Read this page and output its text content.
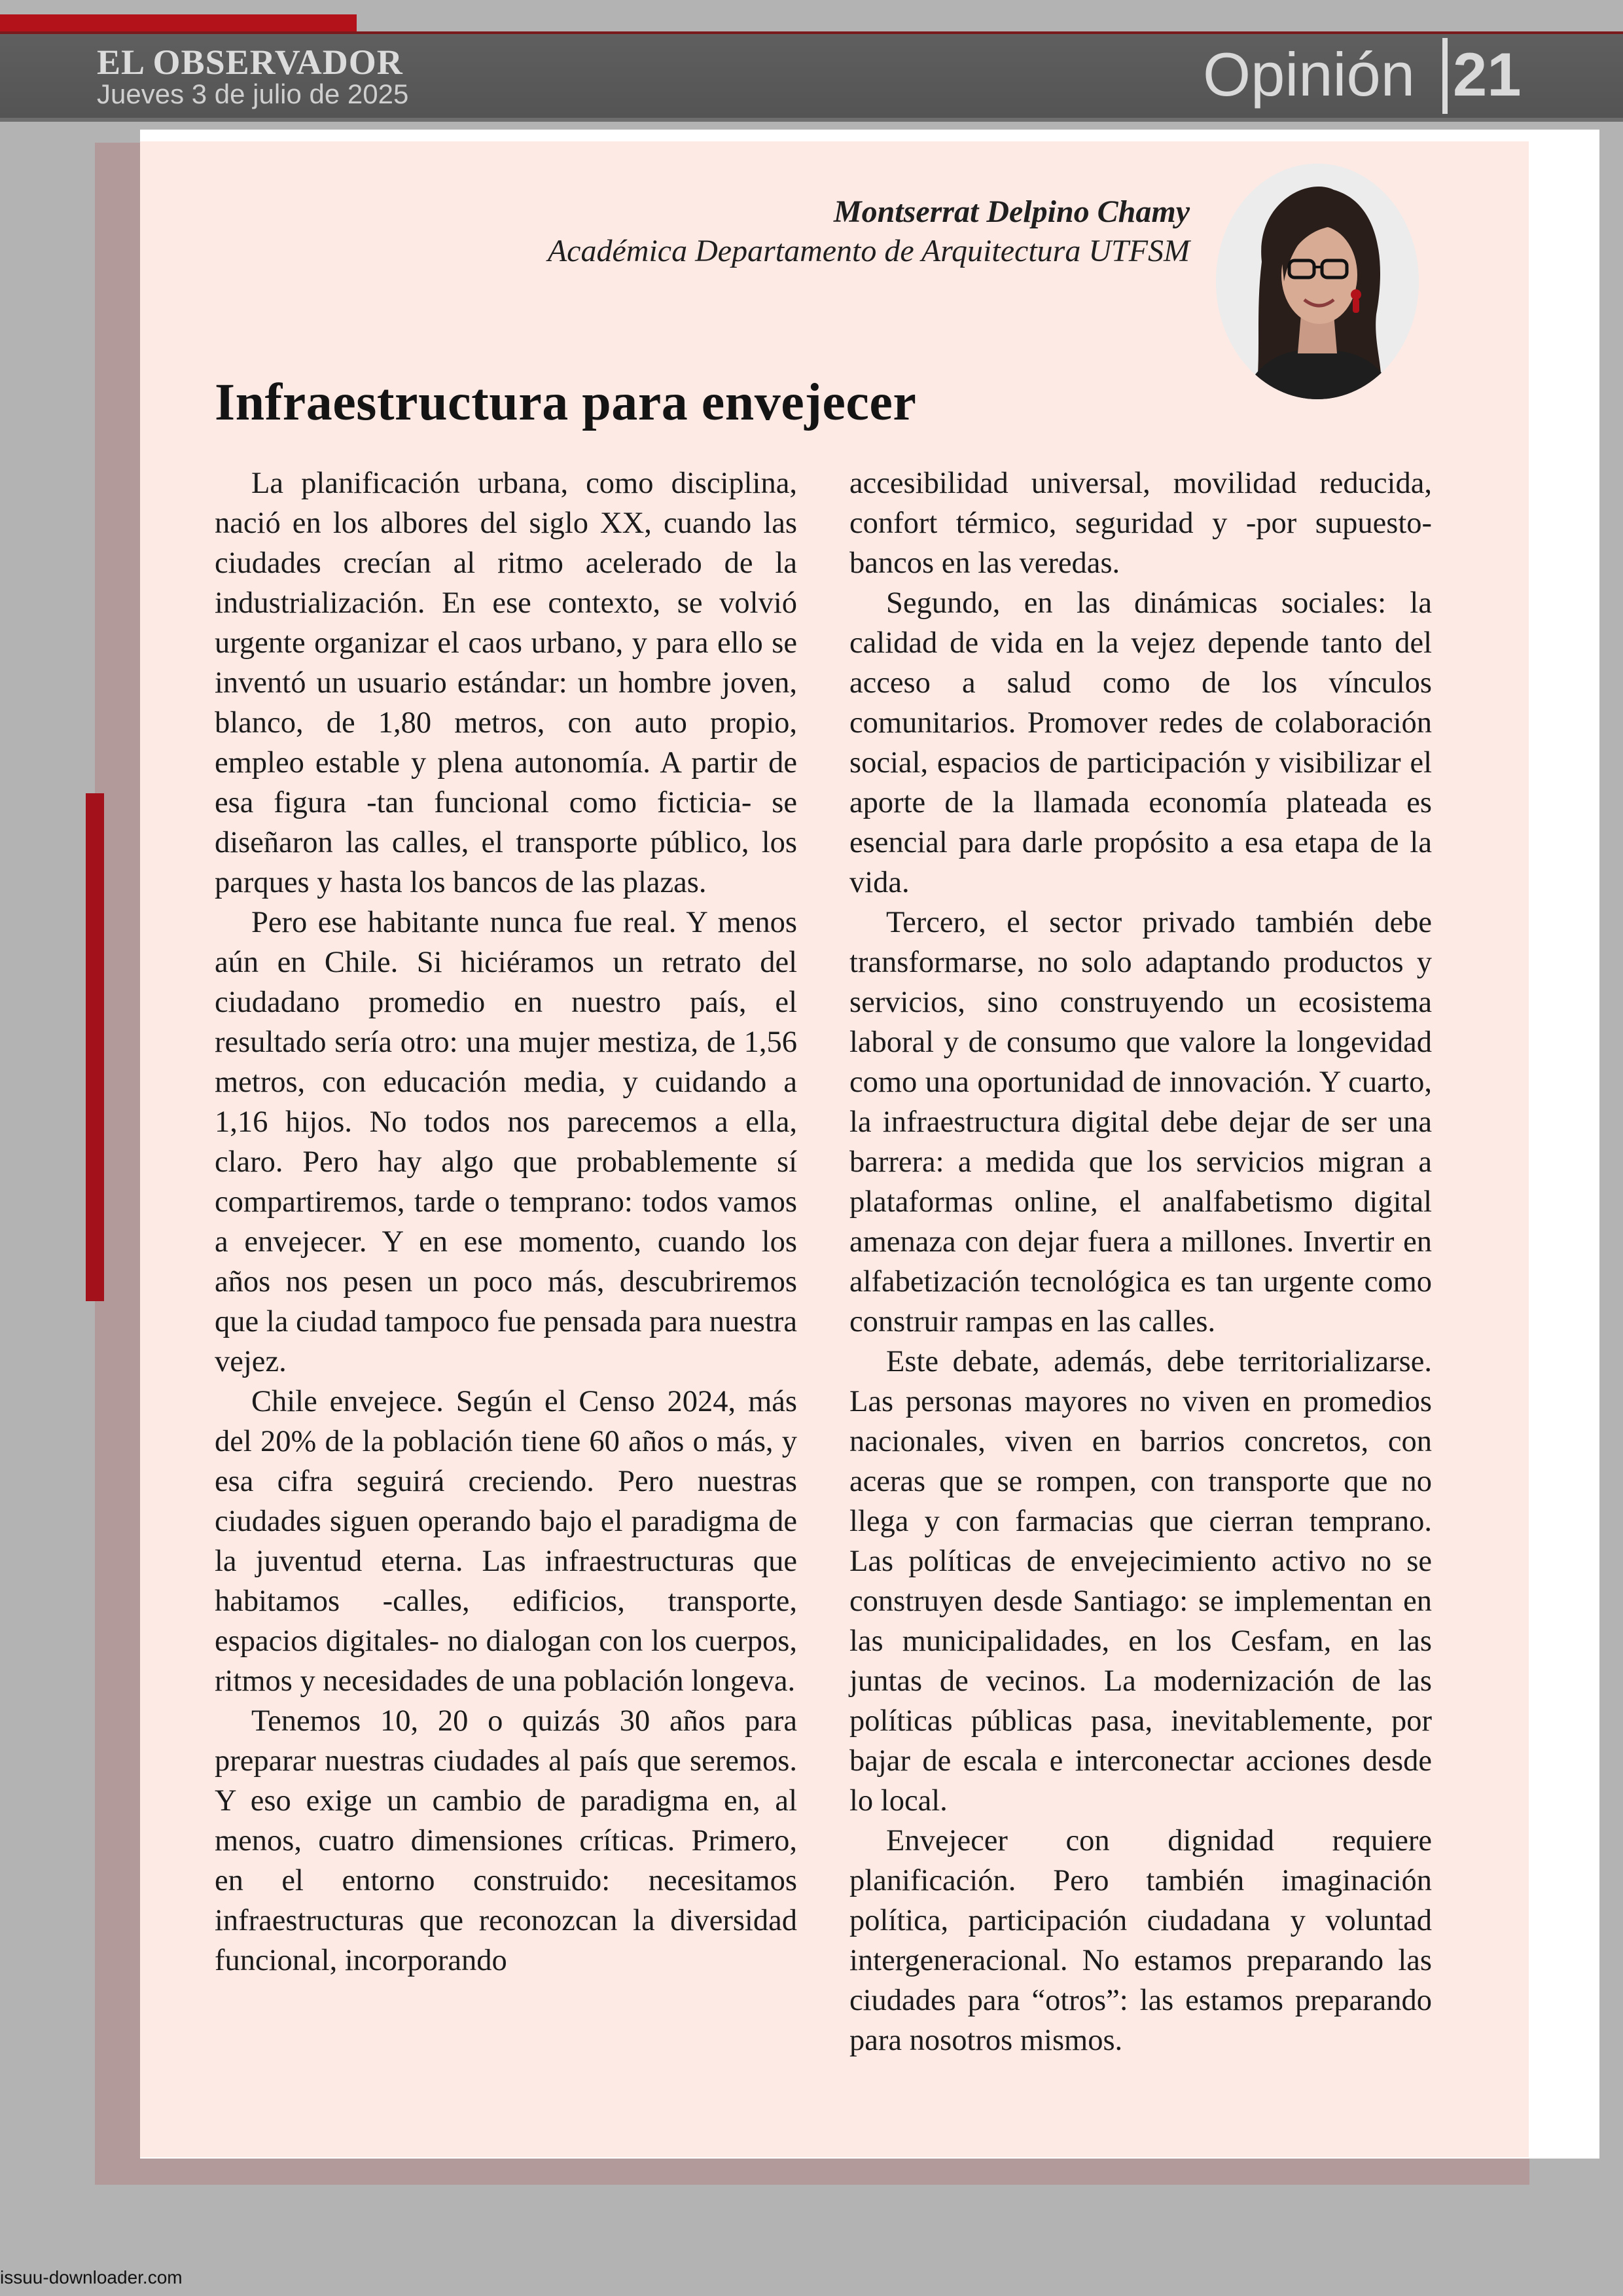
EL OBSERVADOR
Jueves 3 de julio de 2025	Opinión 21
Montserrat Delpino Chamy
Académica Departamento de Arquitectura UTFSM
Infraestructura para envejecer

La planificación urbana, como disciplina, nació en los albores del siglo XX, cuando las ciudades crecían al ritmo acelerado de la industrialización. En ese contexto, se volvió urgente organizar el caos urbano, y para ello se inventó un usuario estándar: un hombre joven, blanco, de 1,80 metros, con auto propio, empleo estable y plena autonomía. A partir de esa figura -tan funcional como ficticia- se diseñaron las calles, el transporte público, los parques y hasta los bancos de las plazas.

Pero ese habitante nunca fue real. Y menos aún en Chile. Si hiciéramos un retrato del ciudadano promedio en nuestro país, el resultado sería otro: una mujer mestiza, de 1,56 metros, con educación media, y cuidando a 1,16 hijos. No todos nos parecemos a ella, claro. Pero hay algo que probablemente sí compartiremos, tarde o temprano: todos vamos a envejecer. Y en ese momento, cuando los años nos pesen un poco más, descubriremos que la ciudad tampoco fue pensada para nuestra vejez.

Chile envejece. Según el Censo 2024, más del 20% de la población tiene 60 años o más, y esa cifra seguirá creciendo. Pero nuestras ciudades siguen operando bajo el paradigma de la juventud eterna. Las infraestructuras que habitamos -calles, edificios, transporte, espacios digitales- no dialogan con los cuerpos, ritmos y necesidades de una población longeva.

Tenemos 10, 20 o quizás 30 años para preparar nuestras ciudades al país que seremos. Y eso exige un cambio de paradigma en, al menos, cuatro dimensiones críticas. Primero, en el entorno construido: necesitamos infraestructuras que reconozcan la diversidad funcional, incorporando

accesibilidad universal, movilidad reducida, confort térmico, seguridad y -por supuesto- bancos en las veredas.

Segundo, en las dinámicas sociales: la calidad de vida en la vejez depende tanto del acceso a salud como de los vínculos comunitarios. Promover redes de colaboración social, espacios de participación y visibilizar el aporte de la llamada economía plateada es esencial para darle propósito a esa etapa de la vida.

Tercero, el sector privado también debe transformarse, no solo adaptando productos y servicios, sino construyendo un ecosistema laboral y de consumo que valore la longevidad como una oportunidad de innovación. Y cuarto, la infraestructura digital debe dejar de ser una barrera: a medida que los servicios migran a plataformas online, el analfabetismo digital amenaza con dejar fuera a millones. Invertir en alfabetización tecnológica es tan urgente como construir rampas en las calles.

Este debate, además, debe territorializarse. Las personas mayores no viven en promedios nacionales, viven en barrios concretos, con aceras que se rompen, con transporte que no llega y con farmacias que cierran temprano. Las políticas de envejecimiento activo no se construyen desde Santiago: se implementan en las municipalidades, en los Cesfam, en las juntas de vecinos. La modernización de las políticas públicas pasa, inevitablemente, por bajar de escala e interconectar acciones desde lo local.

Envejecer con dignidad requiere planificación. Pero también imaginación política, participación ciudadana y voluntad intergeneracional. No estamos preparando las ciudades para “otros”: las estamos preparando para nosotros mismos.

issuu-downloader.com
